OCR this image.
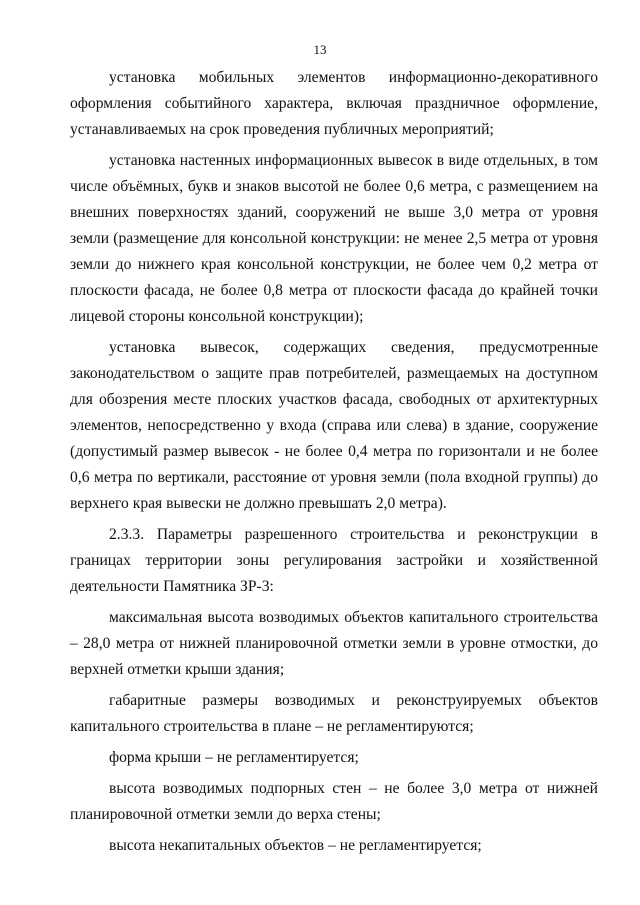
13

установка мобильных элементов информационно-декоративного оформления событийного характера, включая праздничное оформление, устанавливаемых на срок проведения публичных мероприятий;

установка настенных информационных вывесок в виде отдельных, в том числе объёмных, букв и знаков высотой не более 0,6 метра, с размещением на внешних поверхностях зданий, сооружений не выше 3,0 метра от уровня земли (размещение для консольной конструкции: не менее 2,5 метра от уровня земли до нижнего края консольной конструкции, не более чем 0,2 метра от плоскости фасада, не более 0,8 метра от плоскости фасада до крайней точки лицевой стороны консольной конструкции);

установка вывесок, содержащих сведения, предусмотренные законодательством о защите прав потребителей, размещаемых на доступном для обозрения месте плоских участков фасада, свободных от архитектурных элементов, непосредственно у входа (справа или слева) в здание, сооружение (допустимый размер вывесок - не более 0,4 метра по горизонтали и не более 0,6 метра по вертикали, расстояние от уровня земли (пола входной группы) до верхнего края вывески не должно превышать 2,0 метра).

2.3.3. Параметры разрешенного строительства и реконструкции в границах территории зоны регулирования застройки и хозяйственной деятельности Памятника ЗР-3:

максимальная высота возводимых объектов капитального строительства – 28,0 метра от нижней планировочной отметки земли в уровне отмостки, до верхней отметки крыши здания;

габаритные размеры возводимых и реконструируемых объектов капитального строительства в плане – не регламентируются;

форма крыши – не регламентируется;

высота возводимых подпорных стен – не более 3,0 метра от нижней планировочной отметки земли до верха стены;

высота некапитальных объектов – не регламентируется;
